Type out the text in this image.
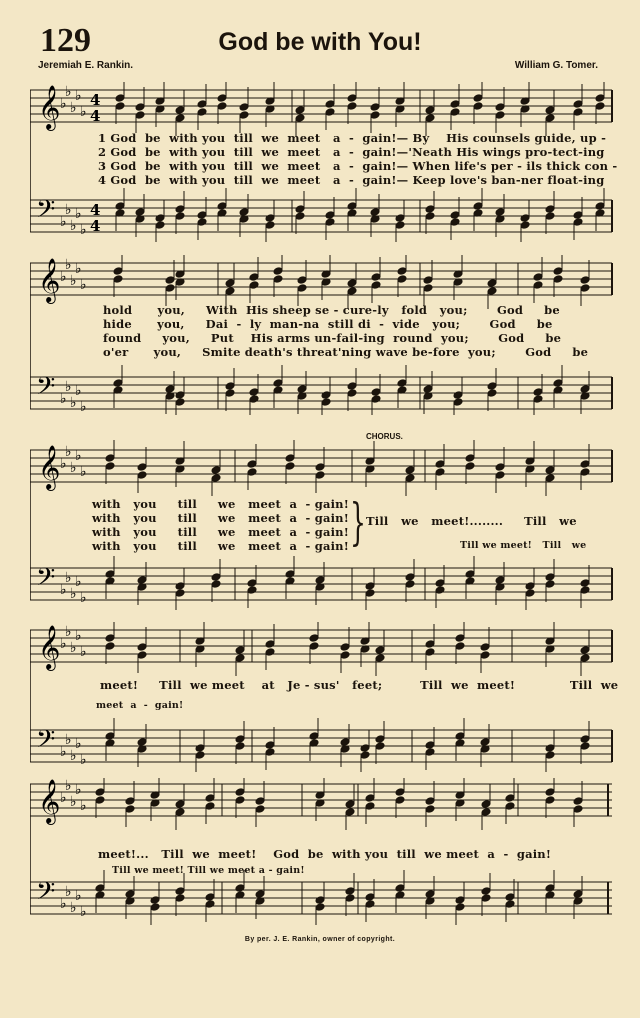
129	God be with You!
Jeremiah E. Rankin.	William G. Tomer.
𝄞
𝄢
♭
♭
♭
♭
♭
♭
♭
♭
♭
♭
4
4
4
4
1 God  be  with you  till  we  meet   a  -  gain!— By    His counsels guide, up -
2 God  be  with you  till  we  meet   a  -  gain!—'Neath His wings pro-tect-ing
3 God  be  with you  till  we  meet   a  -  gain!— When life's per - ils thick con -
4 God  be  with you  till  we  meet   a  -  gain!— Keep love's ban-ner float-ing
𝄞
𝄢
♭
♭
♭
♭
♭
♭
♭
♭
♭
♭
hold      you,     With  His sheep se - cure-ly   fold   you;       God     be
hide      you,     Dai  -  ly  man-na  still di  -  vide   you;       God     be
found     you,     Put    His arms un-fail-ing  round  you;       God     be
o'er      you,     Smite death's threat'ning wave be-fore  you;       God     be
CHORUS.
𝄞
𝄢
♭
♭
♭
♭
♭
♭
♭
♭
♭
♭
with   you     till     we   meet  a  - gain!
with   you     till     we   meet  a  - gain!
with   you     till     we   meet  a  - gain!
with   you     till     we   meet  a  - gain! } Till   we   meet!........     Till   we
Till we meet!   Till   we
𝄞
𝄢
♭
♭
♭
♭
♭
♭
♭
♭
♭
♭
meet!     Till  we meet    at   Je - sus'   feet;         Till  we  meet!             Till  we
meet  a  -  gain!
𝄞
𝄢
♭
♭
♭
♭
♭
♭
♭
♭
♭
♭
meet!...   Till  we  meet!    God  be  with you  till  we meet  a  -  gain!
Till we meet! Till we meet a - gain!
By per. J. E. Rankin, owner of copyright.
